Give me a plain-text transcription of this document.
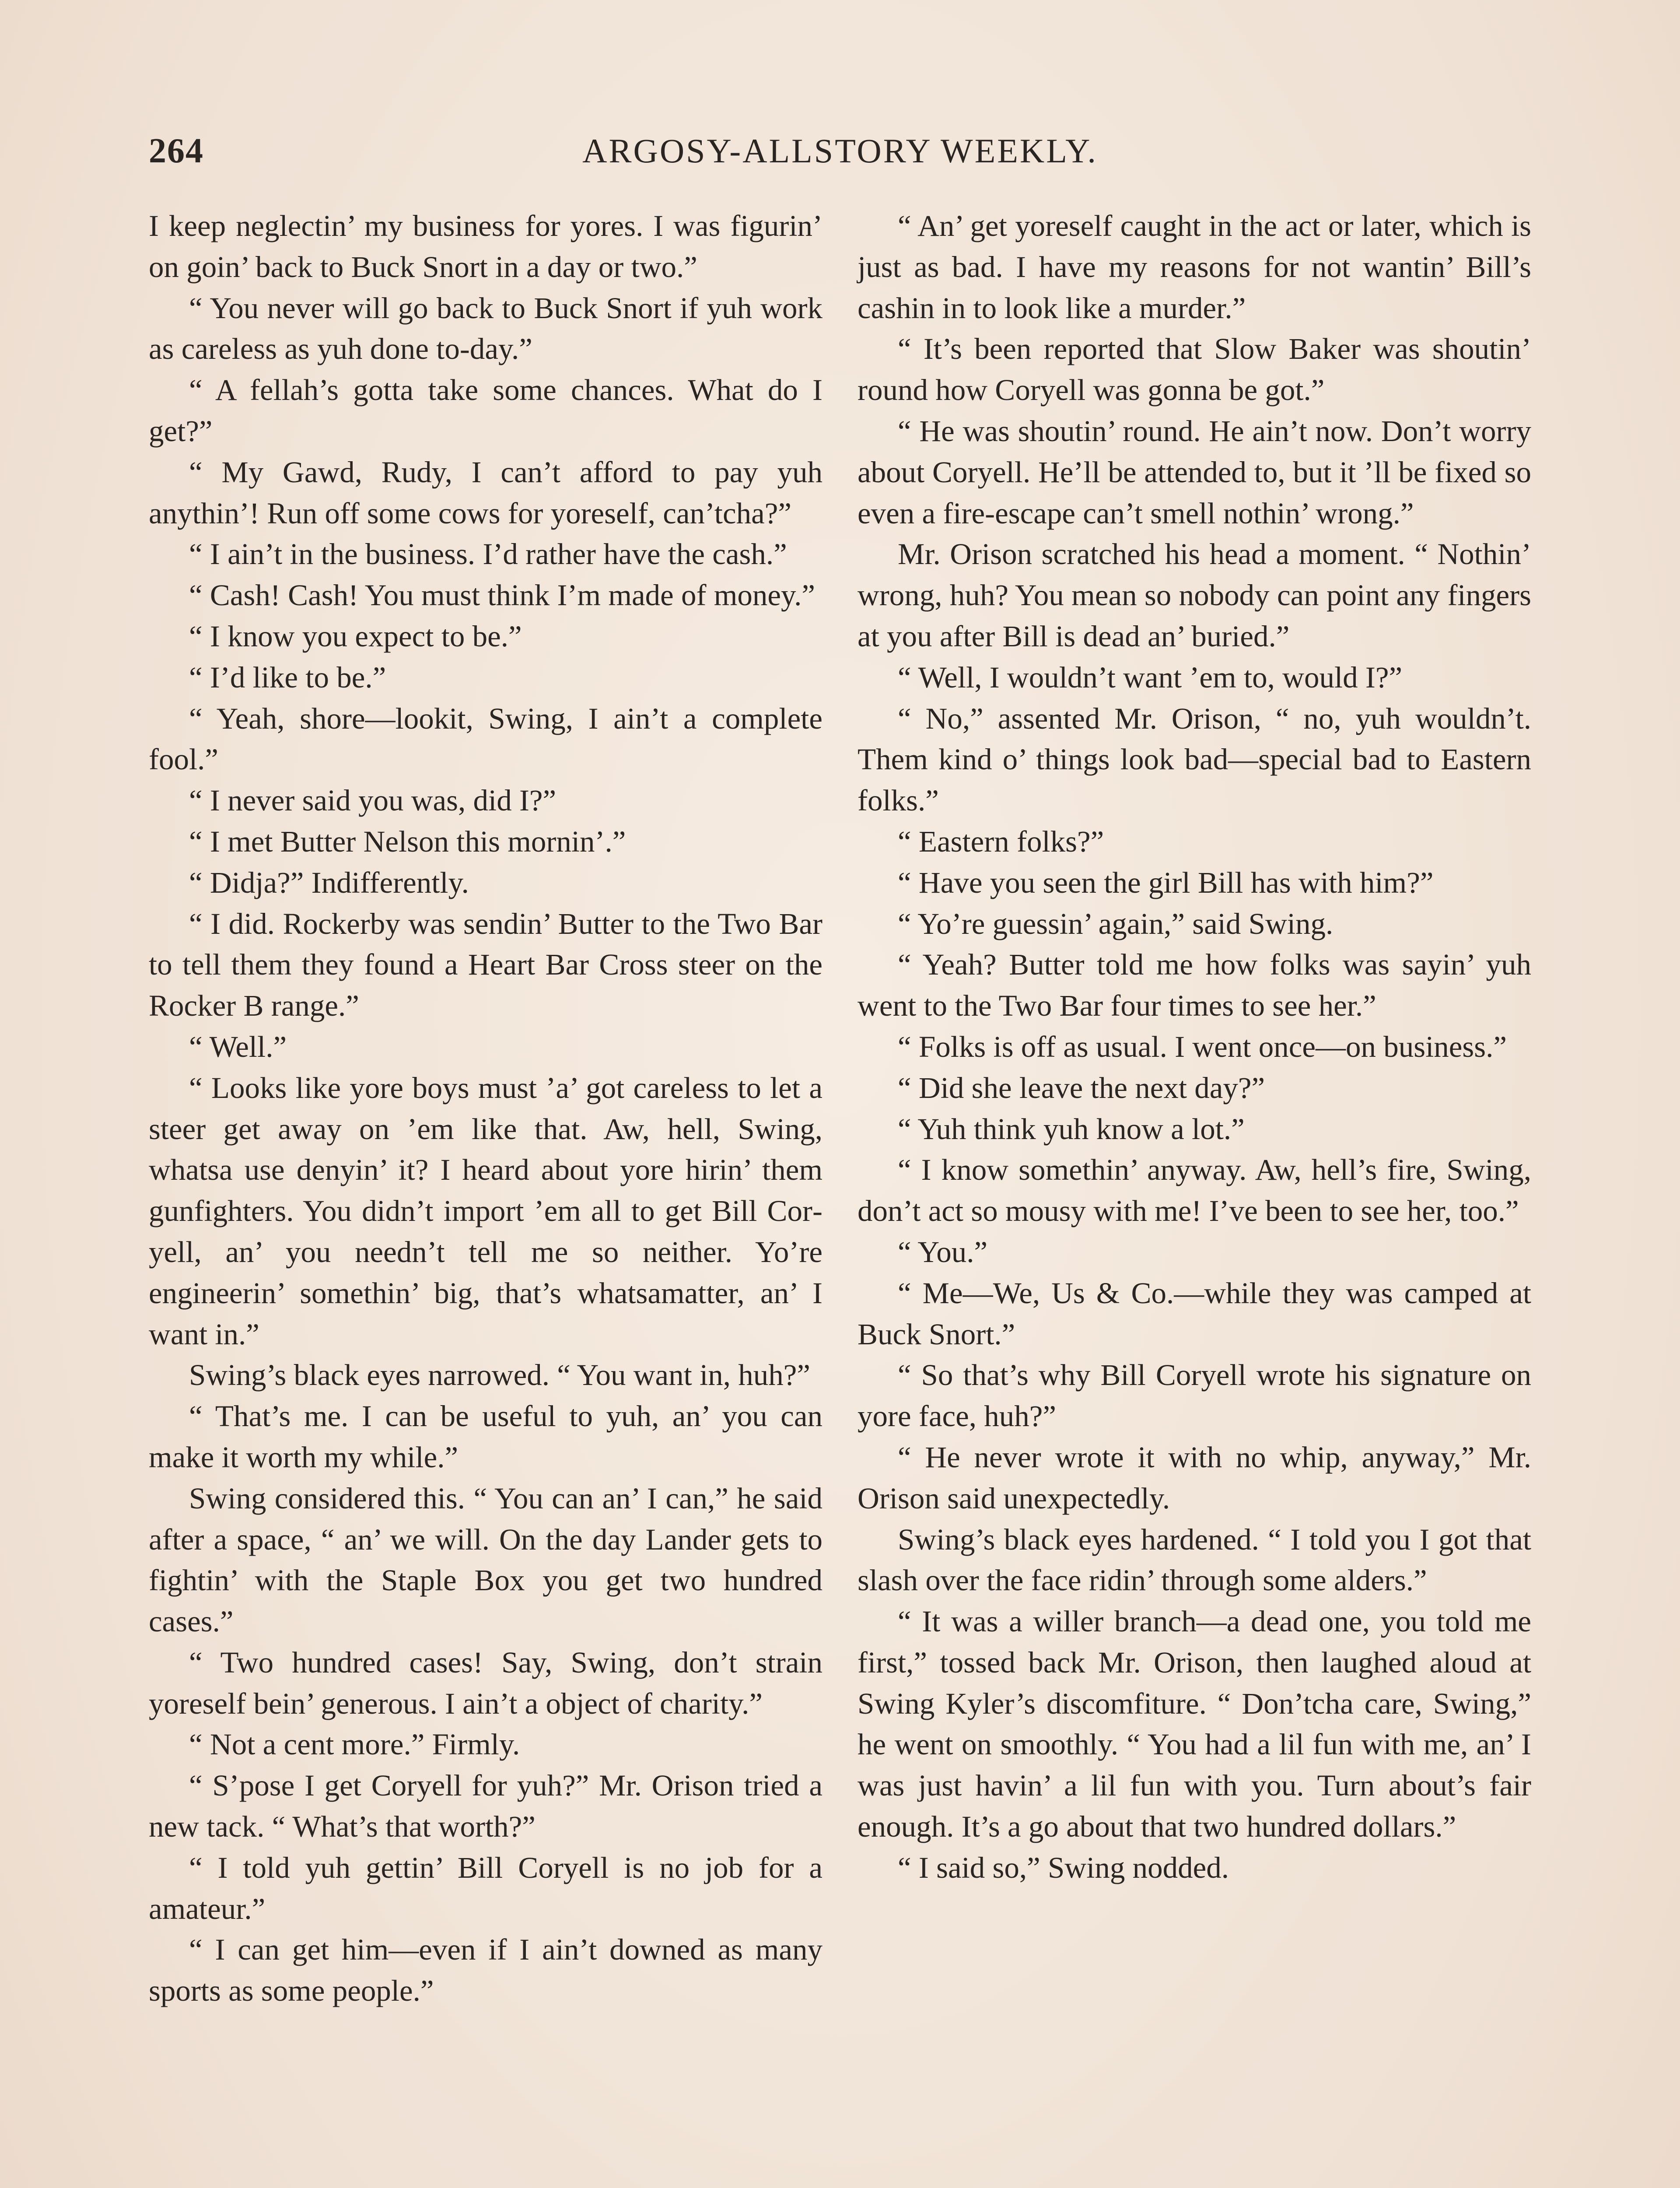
264	ARGOSY-ALLSTORY WEEKLY.

I keep neglectin’ my business for yores. I was figurin’ on goin’ back to Buck Snort in a day or two.”

“ You never will go back to Buck Snort if yuh work as careless as yuh done to-day.”

“ A fellah’s gotta take some chances. What do I get?”

“ My Gawd, Rudy, I can’t afford to pay yuh anythin’! Run off some cows for yoreself, can’tcha?”

“ I ain’t in the business. I’d rather have the cash.”

“ Cash! Cash! You must think I’m made of money.”

“ I know you expect to be.”

“ I’d like to be.”

“ Yeah, shore—lookit, Swing, I ain’t a complete fool.”

“ I never said you was, did I?”

“ I met Butter Nelson this mornin’.”

“ Didja?” Indifferently.

“ I did. Rockerby was sendin’ Butter to the Two Bar to tell them they found a Heart Bar Cross steer on the Rocker B range.”

“ Well.”

“ Looks like yore boys must ’a’ got careless to let a steer get away on ’em like that. Aw, hell, Swing, whatsa use denyin’ it? I heard about yore hirin’ them gunfighters. You didn’t import ’em all to get Bill Coryell, an’ you needn’t tell me so neither. Yo’re engineerin’ somethin’ big, that’s whatsamatter, an’ I want in.”

Swing’s black eyes narrowed. “ You want in, huh?”

“ That’s me. I can be useful to yuh, an’ you can make it worth my while.”

Swing considered this. “ You can an’ I can,” he said after a space, “ an’ we will. On the day Lander gets to fightin’ with the Staple Box you get two hundred cases.”

“ Two hundred cases! Say, Swing, don’t strain yoreself bein’ generous. I ain’t a object of charity.”

“ Not a cent more.” Firmly.

“ S’pose I get Coryell for yuh?” Mr. Orison tried a new tack. “ What’s that worth?”

“ I told yuh gettin’ Bill Coryell is no job for a amateur.”

“ I can get him—even if I ain’t downed as many sports as some people.”

“ An’ get yoreself caught in the act or later, which is just as bad. I have my reasons for not wantin’ Bill’s cashin in to look like a murder.”

“ It’s been reported that Slow Baker was shoutin’ round how Coryell was gonna be got.”

“ He was shoutin’ round. He ain’t now. Don’t worry about Coryell. He’ll be attended to, but it ’ll be fixed so even a fire-escape can’t smell nothin’ wrong.”

Mr. Orison scratched his head a moment. “ Nothin’ wrong, huh? You mean so nobody can point any fingers at you after Bill is dead an’ buried.”

“ Well, I wouldn’t want ’em to, would I?”

“ No,” assented Mr. Orison, “ no, yuh wouldn’t. Them kind o’ things look bad—special bad to Eastern folks.”

“ Eastern folks?”

“ Have you seen the girl Bill has with him?”

“ Yo’re guessin’ again,” said Swing.

“ Yeah? Butter told me how folks was sayin’ yuh went to the Two Bar four times to see her.”

“ Folks is off as usual. I went once—on business.”

“ Did she leave the next day?”

“ Yuh think yuh know a lot.”

“ I know somethin’ anyway. Aw, hell’s fire, Swing, don’t act so mousy with me! I’ve been to see her, too.”

“ You.”

“ Me—We, Us & Co.—while they was camped at Buck Snort.”

“ So that’s why Bill Coryell wrote his signature on yore face, huh?”

“ He never wrote it with no whip, anyway,” Mr. Orison said unexpectedly.

Swing’s black eyes hardened. “ I told you I got that slash over the face ridin’ through some alders.”

“ It was a willer branch—a dead one, you told me first,” tossed back Mr. Orison, then laughed aloud at Swing Kyler’s discomfiture. “ Don’tcha care, Swing,” he went on smoothly. “ You had a lil fun with me, an’ I was just havin’ a lil fun with you. Turn about’s fair enough. It’s a go about that two hundred dollars.”

“ I said so,” Swing nodded.
